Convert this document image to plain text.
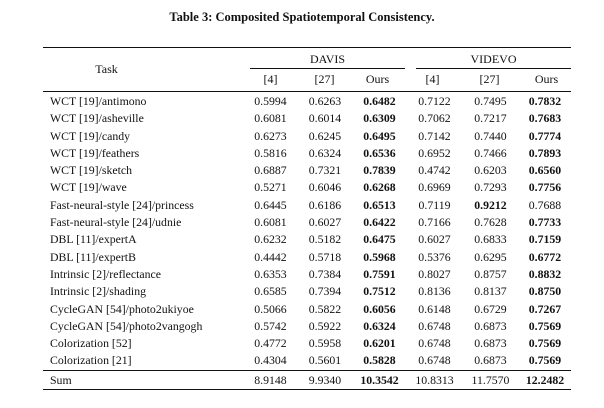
Table 3: Composited Spatiotemporal Consistency.
Task
DAVIS	VIDEVO
[4]	[27]	Ours	[4]	[27]	Ours
WCT [19]/antimono	0.5994	0.6263	0.6482	0.7122	0.7495	0.7832
WCT [19]/asheville	0.6081	0.6014	0.6309	0.7062	0.7217	0.7683
WCT [19]/candy	0.6273	0.6245	0.6495	0.7142	0.7440	0.7774
WCT [19]/feathers	0.5816	0.6324	0.6536	0.6952	0.7466	0.7893
WCT [19]/sketch	0.6887	0.7321	0.7839	0.4742	0.6203	0.6560
WCT [19]/wave	0.5271	0.6046	0.6268	0.6969	0.7293	0.7756
Fast-neural-style [24]/princess	0.6445	0.6186	0.6513	0.7119	0.9212	0.7688
Fast-neural-style [24]/udnie	0.6081	0.6027	0.6422	0.7166	0.7628	0.7733
DBL [11]/expertA	0.6232	0.5182	0.6475	0.6027	0.6833	0.7159
DBL [11]/expertB	0.4442	0.5718	0.5968	0.5376	0.6295	0.6772
Intrinsic [2]/reflectance	0.6353	0.7384	0.7591	0.8027	0.8757	0.8832
Intrinsic [2]/shading	0.6585	0.7394	0.7512	0.8136	0.8137	0.8750
CycleGAN [54]/photo2ukiyoe	0.5066	0.5822	0.6056	0.6148	0.6729	0.7267
CycleGAN [54]/photo2vangogh	0.5742	0.5922	0.6324	0.6748	0.6873	0.7569
Colorization [52]	0.4772	0.5958	0.6201	0.6748	0.6873	0.7569
Colorization [21]	0.4304	0.5601	0.5828	0.6748	0.6873	0.7569
Sum	8.9148	9.9340	10.3542	10.8313	11.7570	12.2482
